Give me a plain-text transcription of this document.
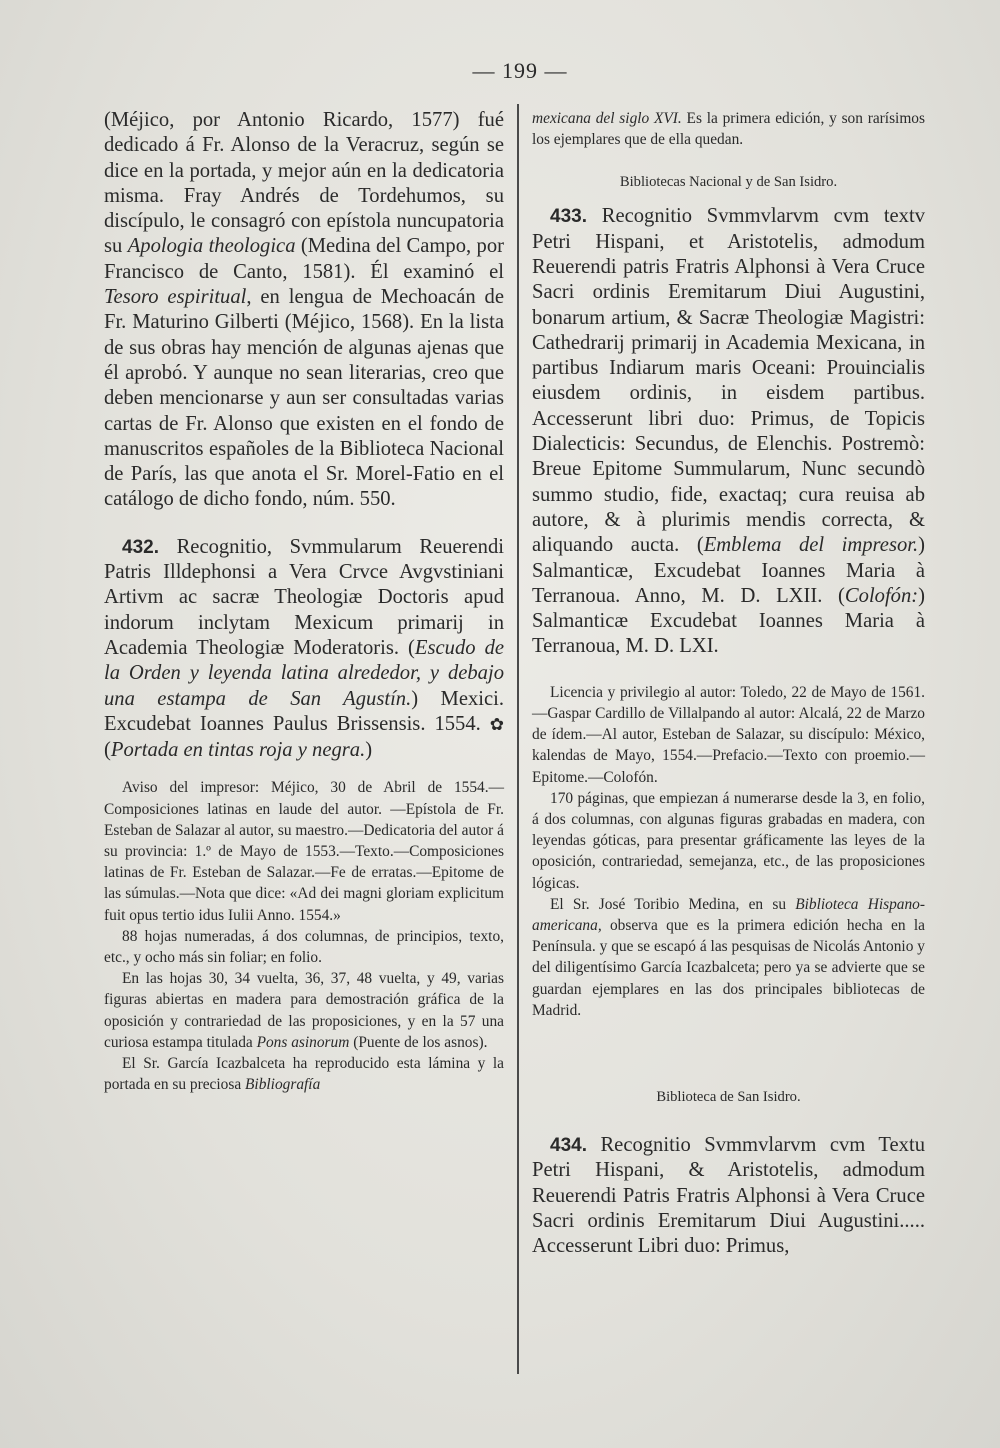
— 199 —

(Méjico, por Antonio Ricardo, 1577) fué dedicado á Fr. Alonso de la Veracruz, según se dice en la portada, y mejor aún en la dedicatoria misma. Fray Andrés de Tordehumos, su discípulo, le consagró con epístola nuncupatoria su Apologia theologica (Medina del Campo, por Francisco de Canto, 1581). Él examinó el Tesoro espiritual, en lengua de Mechoacán de Fr. Maturino Gilberti (Méjico, 1568). En la lista de sus obras hay mención de algunas ajenas que él aprobó. Y aunque no sean literarias, creo que deben mencionarse y aun ser consultadas varias cartas de Fr. Alonso que existen en el fondo de manuscritos españoles de la Biblioteca Nacional de París, las que anota el Sr. Morel-Fatio en el catálogo de dicho fondo, núm. 550.

432. Recognitio, Svmmularum Reuerendi Patris Illdephonsi a Vera Crvce Avgvstiniani Artivm ac sacræ Theologiæ Doctoris apud indorum inclytam Mexicum primarij in Academia Theologiæ Moderatoris. (Escudo de la Orden y leyenda latina alrededor, y debajo una estampa de San Agustín.) Mexici. Excudebat Ioannes Paulus Brissensis. 1554. ✿ (Portada en tintas roja y negra.)

Aviso del impresor: Méjico, 30 de Abril de 1554.—Composiciones latinas en laude del autor. —Epístola de Fr. Esteban de Salazar al autor, su maestro.—Dedicatoria del autor á su provincia: 1.º de Mayo de 1553.—Texto.—Composiciones latinas de Fr. Esteban de Salazar.—Fe de erratas.—Epitome de las súmulas.—Nota que dice: «Ad dei magni gloriam explicitum fuit opus tertio idus Iulii Anno. 1554.»

88 hojas numeradas, á dos columnas, de principios, texto, etc., y ocho más sin foliar; en folio.

En las hojas 30, 34 vuelta, 36, 37, 48 vuelta, y 49, varias figuras abiertas en madera para demostración gráfica de la oposición y contrariedad de las proposiciones, y en la 57 una curiosa estampa titulada Pons asinorum (Puente de los asnos).

El Sr. García Icazbalceta ha reproducido esta lámina y la portada en su preciosa Bibliografía

mexicana del siglo XVI. Es la primera edición, y son rarísimos los ejemplares que de ella quedan.

Bibliotecas Nacional y de San Isidro.

433. Recognitio Svmmvlarvm cvm textv Petri Hispani, et Aristotelis, admodum Reuerendi patris Fratris Alphonsi à Vera Cruce Sacri ordinis Eremitarum Diui Augustini, bonarum artium, & Sacræ Theologiæ Magistri: Cathedrarij primarij in Academia Mexicana, in partibus Indiarum maris Oceani: Prouincialis eiusdem ordinis, in eisdem partibus. Accesserunt libri duo: Primus, de Topicis Dialecticis: Secundus, de Elenchis. Postremò: Breue Epitome Summularum, Nunc secundò summo studio, fide, exactaq; cura reuisa ab autore, & à plurimis mendis correcta, & aliquando aucta. (Emblema del impresor.) Salmanticæ, Excudebat Ioannes Maria à Terranoua. Anno, M. D. LXII. (Colofón:) Salmanticæ Excudebat Ioannes Maria à Terranoua, M. D. LXI.

Licencia y privilegio al autor: Toledo, 22 de Mayo de 1561.—Gaspar Cardillo de Villalpando al autor: Alcalá, 22 de Marzo de ídem.—Al autor, Esteban de Salazar, su discípulo: México, kalendas de Mayo, 1554.—Prefacio.—Texto con proemio.—Epitome.—Colofón.

170 páginas, que empiezan á numerarse desde la 3, en folio, á dos columnas, con algunas figuras grabadas en madera, con leyendas góticas, para presentar gráficamente las leyes de la oposición, contrariedad, semejanza, etc., de las proposiciones lógicas.

El Sr. José Toribio Medina, en su Biblioteca Hispano-americana, observa que es la primera edición hecha en la Península. y que se escapó á las pesquisas de Nicolás Antonio y del diligentísimo García Icazbalceta; pero ya se advierte que se guardan ejemplares en las dos principales bibliotecas de Madrid.

Biblioteca de San Isidro.

434. Recognitio Svmmvlarvm cvm Textu Petri Hispani, & Aristotelis, admodum Reuerendi Patris Fratris Alphonsi à Vera Cruce Sacri ordinis Eremitarum Diui Augustini..... Accesserunt Libri duo: Primus,
